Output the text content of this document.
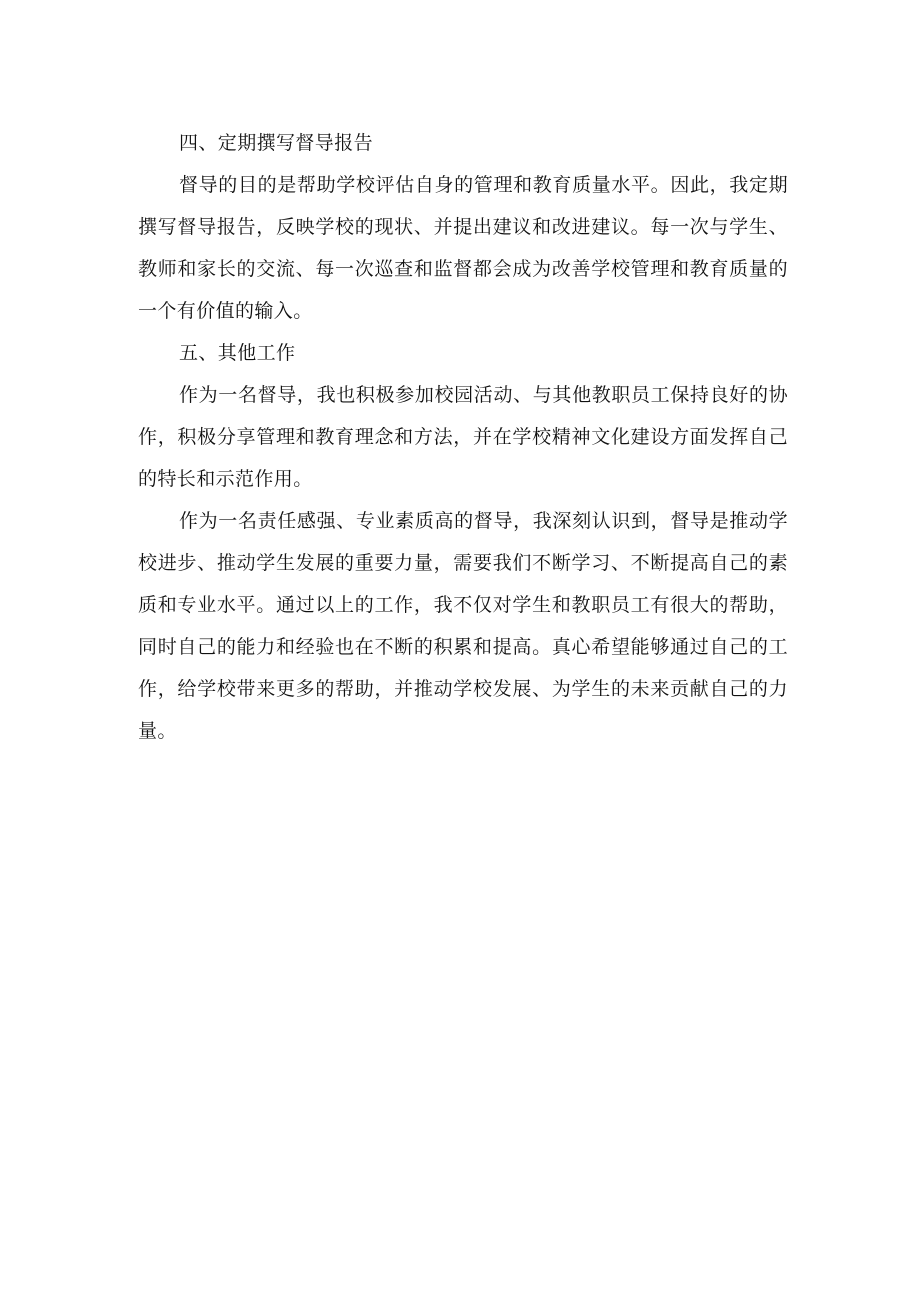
四、定期撰写督导报告

督导的目的是帮助学校评估自身的管理和教育质量水平。因此，我定期撰写督导报告，反映学校的现状、并提出建议和改进建议。每一次与学生、教师和家长的交流、每一次巡查和监督都会成为改善学校管理和教育质量的一个有价值的输入。

五、其他工作

作为一名督导，我也积极参加校园活动、与其他教职员工保持良好的协作，积极分享管理和教育理念和方法，并在学校精神文化建设方面发挥自己的特长和示范作用。

作为一名责任感强、专业素质高的督导，我深刻认识到，督导是推动学校进步、推动学生发展的重要力量，需要我们不断学习、不断提高自己的素质和专业水平。通过以上的工作，我不仅对学生和教职员工有很大的帮助，同时自己的能力和经验也在不断的积累和提高。真心希望能够通过自己的工作，给学校带来更多的帮助，并推动学校发展、为学生的未来贡献自己的力量。
